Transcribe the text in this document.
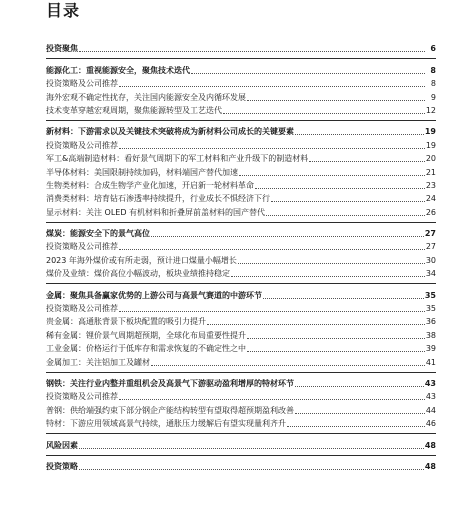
目录
投资聚焦	6
能源化工：重视能源安全，聚焦技术迭代	8
投资策略及公司推荐	8
海外宏观不确定性扰存，关注国内能源安全及内循环发展	9
技术变革穿越宏观周期，聚焦能源转型及工艺迭代	12
新材料：下游需求以及关键技术突破将成为新材料公司成长的关键要素	19
投资策略及公司推荐	19
军工&高端制造材料：看好景气周期下的军工材料和产业升级下的制造材料	20
半导体材料：美国限制持续加码，材料端国产替代加速	21
生物类材料：合成生物学产业化加速，开启新一轮材料革命	23
消费类材料：培育钻石渗透率持续提升，行业成长不惧经济下行	24
显示材料：关注 OLED 有机材料和折叠屏前盖材料的国产替代	26
煤炭：能源安全下的景气高位	27
投资策略及公司推荐	27
2023 年海外煤价或有所走弱，预计进口煤量小幅增长	30
煤价及业绩：煤价高位小幅波动，板块业绩推持稳定	34
金属：聚焦具备赢家优势的上游公司与高景气赛道的中游环节	35
投资策略及公司推荐	35
贵金属：高通胀背景下板块配置的吸引力提升	36
稀有金属：锂价景气周期超预期，全球化布局重要性提升	38
工业金属：价格运行于低库存和需求恢复的不确定性之中	39
金属加工：关注铝加工及罐材	41
钢铁：关注行业内整并重组机会及高景气下游驱动盈利增厚的特材环节	43
投资策略及公司推荐	43
普钢：供给端强约束下部分钢企产能结构转型有望取得超预期盈利改善	44
特材：下游应用领域高景气持续，通胀压力缓解后有望实现量利齐升	46
风险因素	48
投资策略	48
